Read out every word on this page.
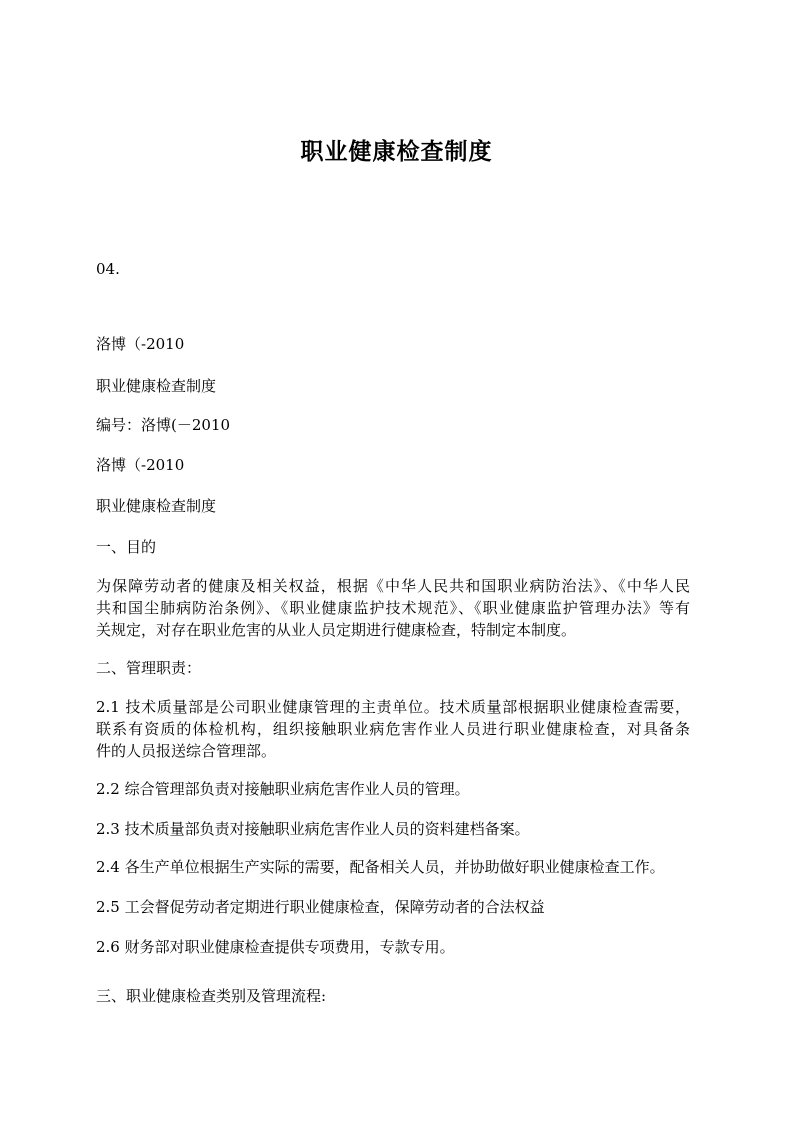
职业健康检查制度
04.
洛博（-2010
职业健康检查制度
编号：洛博(－2010
洛博（-2010
职业健康检查制度
一、目的
为保障劳动者的健康及相关权益，根据《中华人民共和国职业病防治法》、《中华人民
共和国尘肺病防治条例》、《职业健康监护技术规范》、《职业健康监护管理办法》等有
关规定，对存在职业危害的从业人员定期进行健康检查，特制定本制度。
二、管理职责：
2.1 技术质量部是公司职业健康管理的主责单位。技术质量部根据职业健康检查需要，
联系有资质的体检机构，组织接触职业病危害作业人员进行职业健康检查，对具备条
件的人员报送综合管理部。
2.2 综合管理部负责对接触职业病危害作业人员的管理。
2.3 技术质量部负责对接触职业病危害作业人员的资料建档备案。
2.4 各生产单位根据生产实际的需要，配备相关人员，并协助做好职业健康检查工作。
2.5 工会督促劳动者定期进行职业健康检查，保障劳动者的合法权益
2.6 财务部对职业健康检查提供专项费用，专款专用。
三、职业健康检查类别及管理流程:
